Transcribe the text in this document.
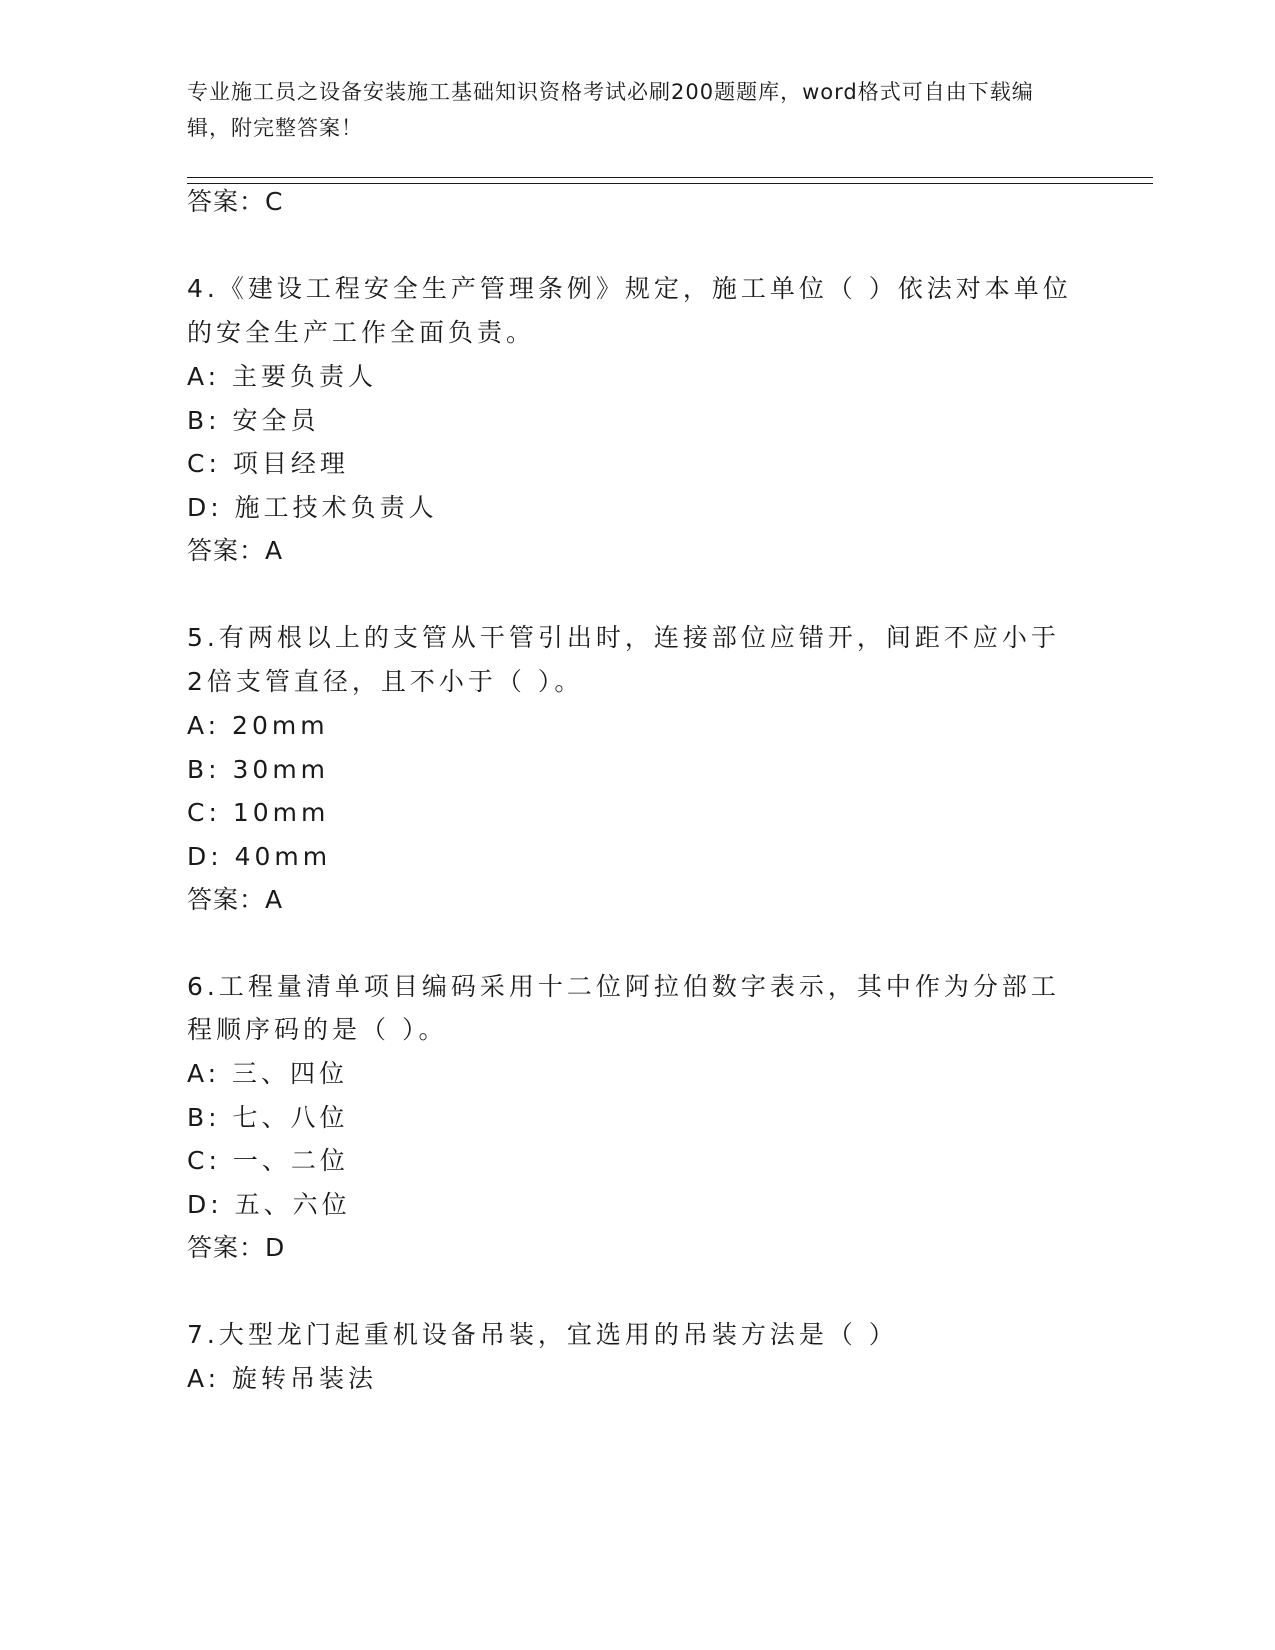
专业施工员之设备安装施工基础知识资格考试必刷200题题库，word格式可自由下载编辑，附完整答案！
答案：C
4.《建设工程安全生产管理条例》规定，施工单位（ ）依法对本单位
的安全生产工作全面负责。
A: 主要负责人
B: 安全员
C: 项目经理
D: 施工技术负责人
答案：A
5.有两根以上的支管从干管引出时，连接部位应错开，间距不应小于
2倍支管直径，且不小于（ ）。
A: 20mm
B: 30mm
C: 10mm
D: 40mm
答案：A
6.工程量清单项目编码采用十二位阿拉伯数字表示，其中作为分部工
程顺序码的是（ ）。
A: 三、四位
B: 七、八位
C: 一、二位
D: 五、六位
答案：D
7.大型龙门起重机设备吊装，宜选用的吊装方法是（ ）
A: 旋转吊装法
